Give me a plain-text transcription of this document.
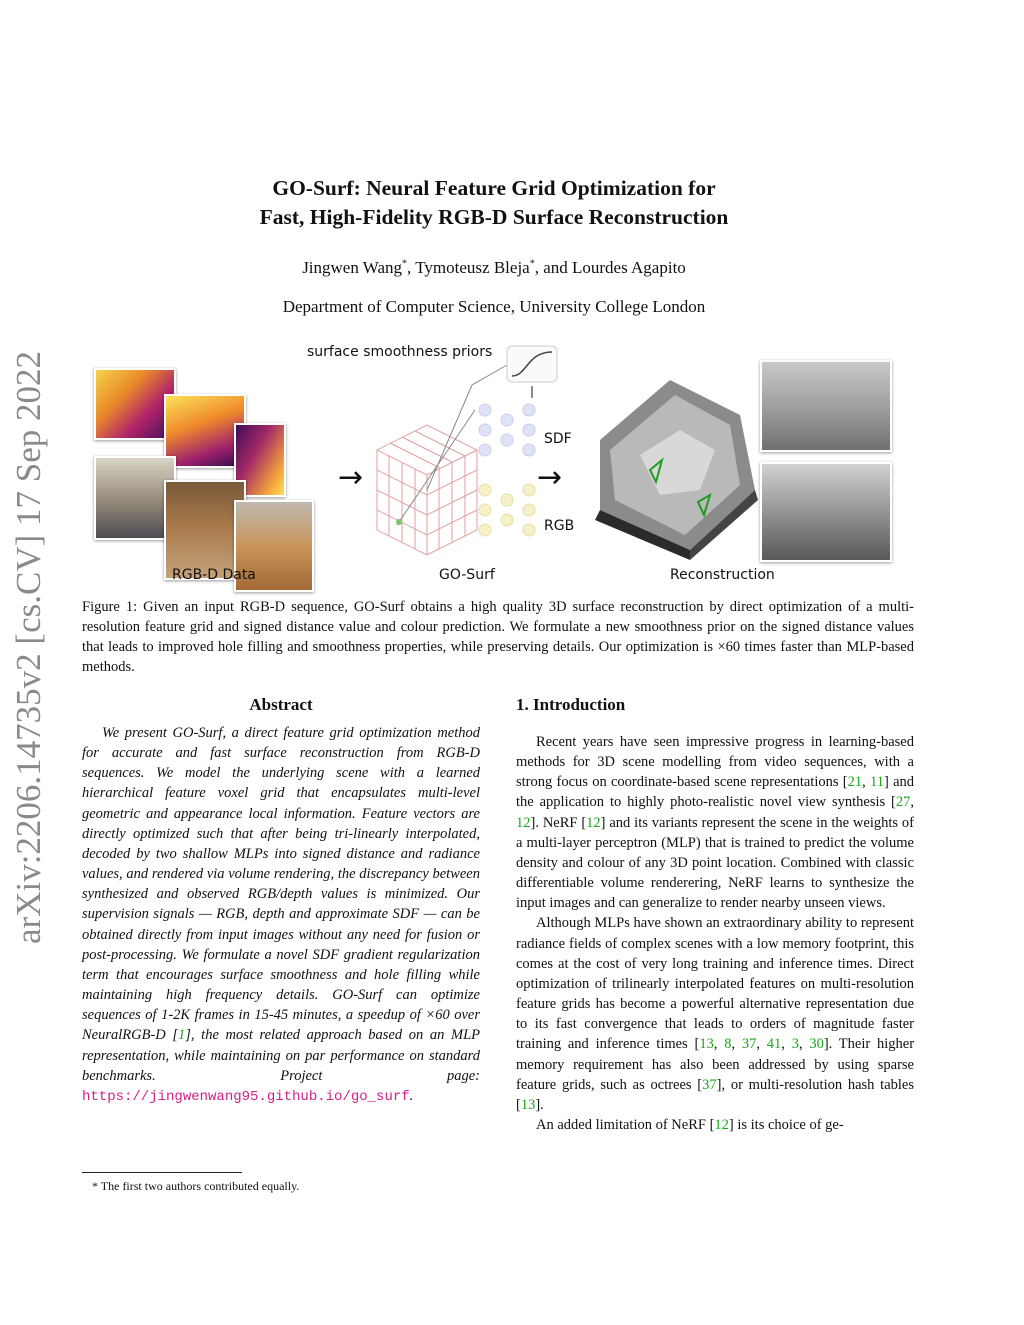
arXiv:2206.14735v2 [cs.CV] 17 Sep 2022
GO-Surf: Neural Feature Grid Optimization for
Fast, High-Fidelity RGB-D Surface Reconstruction
Jingwen Wang*, Tymoteusz Bleja*, and Lourdes Agapito
Department of Computer Science, University College London
→
surface smoothness priors
SDF
RGB
→
RGB-D Data	GO-Surf	Reconstruction
Figure 1: Given an input RGB-D sequence, GO-Surf obtains a high quality 3D surface reconstruction by direct optimization of a multi-resolution feature grid and signed distance value and colour prediction. We formulate a new smoothness prior on the signed distance values that leads to improved hole filling and smoothness properties, while preserving details. Our optimization is ×60 times faster than MLP-based methods.
Abstract
We present GO-Surf, a direct feature grid optimization method for accurate and fast surface reconstruction from RGB-D sequences. We model the underlying scene with a learned hierarchical feature voxel grid that encapsulates multi-level geometric and appearance local information. Feature vectors are directly optimized such that after being tri-linearly interpolated, decoded by two shallow MLPs into signed distance and radiance values, and rendered via volume rendering, the discrepancy between synthesized and observed RGB/depth values is minimized. Our supervision signals — RGB, depth and approximate SDF — can be obtained directly from input images without any need for fusion or post-processing. We formulate a novel SDF gradient regularization term that encourages surface smoothness and hole filling while maintaining high frequency details. GO-Surf can optimize sequences of 1-2K frames in 15-45 minutes, a speedup of ×60 over NeuralRGB-D [1], the most related approach based on an MLP representation, while maintaining on par performance on standard benchmarks. Project page: https://jingwenwang95.github.io/go_surf.
* The first two authors contributed equally.
1. Introduction

Recent years have seen impressive progress in learning-based methods for 3D scene modelling from video sequences, with a strong focus on coordinate-based scene representations [21, 11] and the application to highly photo-realistic novel view synthesis [27, 12]. NeRF [12] and its variants represent the scene in the weights of a multi-layer perceptron (MLP) that is trained to predict the volume density and colour of any 3D point location. Combined with classic differentiable volume renderering, NeRF learns to synthesize the input images and can generalize to render nearby unseen views.

Although MLPs have shown an extraordinary ability to represent radiance fields of complex scenes with a low memory footprint, this comes at the cost of very long training and inference times. Direct optimization of trilinearly interpolated features on multi-resolution feature grids has become a powerful alternative representation due to its fast convergence that leads to orders of magnitude faster training and inference times [13, 8, 37, 41, 3, 30]. Their higher memory requirement has also been addressed by using sparse feature grids, such as octrees [37], or multi-resolution hash tables [13].

An added limitation of NeRF [12] is its choice of ge-
